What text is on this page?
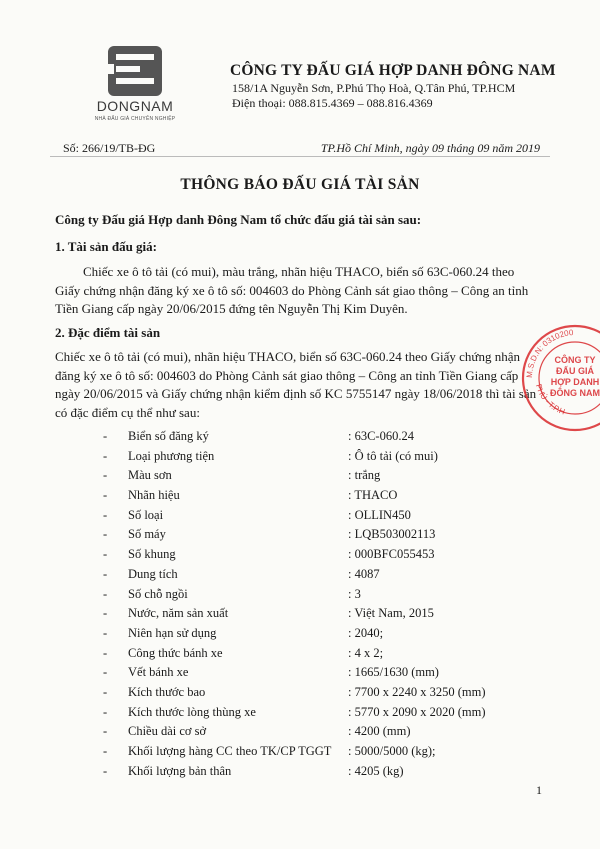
DONGNAM
NHÀ ĐẤU GIÁ CHUYÊN NGHIỆP
CÔNG TY ĐẤU GIÁ HỢP DANH ĐÔNG NAM
158/1A Nguyễn Sơn, P.Phú Thọ Hoà, Q.Tân Phú, TP.HCM
Điện thoại: 088.815.4369 – 088.816.4369
Số: 266/19/TB-ĐG	TP.Hồ Chí Minh, ngày 09 tháng 09 năm 2019
THÔNG BÁO ĐẤU GIÁ TÀI SẢN
Công ty Đấu giá Hợp danh Đông Nam tổ chức đấu giá tài sản sau:
1. Tài sản đấu giá:
Chiếc xe ô tô tải (có mui), màu trắng, nhãn hiệu THACO, biển số 63C-060.24 theo Giấy chứng nhận đăng ký xe ô tô số: 004603 do Phòng Cảnh sát giao thông – Công an tỉnh Tiền Giang cấp ngày 20/06/2015 đứng tên Nguyễn Thị Kim Duyên.
2. Đặc điểm tài sản
Chiếc xe ô tô tải (có mui), nhãn hiệu THACO, biển số 63C-060.24 theo Giấy chứng nhận đăng ký xe ô tô số: 004603 do Phòng Cảnh sát giao thông – Công an tỉnh Tiền Giang cấp ngày 20/06/2015 và Giấy chứng nhận kiểm định số KC 5755147 ngày 18/06/2018 thì tài sản có đặc điểm cụ thể như sau:
- Biển số đăng ký	: 63C-060.24
- Loại phương tiện	: Ô tô tải (có mui)
- Màu sơn	: trắng
- Nhãn hiệu	: THACO
- Số loại	: OLLIN450
- Số máy	: LQB503002113
- Số khung	: 000BFC055453
- Dung tích	: 4087
- Số chỗ ngồi	: 3
- Nước, năm sản xuất	: Việt Nam, 2015
- Niên hạn sử dụng	: 2040;
- Công thức bánh xe	: 4 x 2;
- Vết bánh xe	: 1665/1630 (mm)
- Kích thước bao	: 7700 x 2240 x 3250 (mm)
- Kích thước lòng thùng xe	: 5770 x 2090 x 2020 (mm)
- Chiều dài cơ sở	: 4200 (mm)
- Khối lượng hàng CC theo TK/CP TGGT : 5000/5000 (kg);
- Khối lượng bản thân	: 4205 (kg)
1
M.S.D.N: 0310200
PHÚ - T.P.H
CÔNG TY
ĐẤU GIÁ
HỢP DANH
ĐÔNG NAM
